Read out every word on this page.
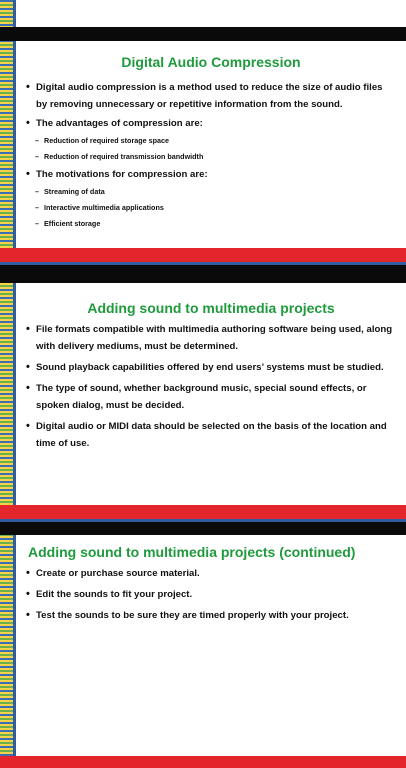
Digital Audio Compression
• Digital audio compression is a method used to reduce the size of audio files by removing unnecessary or repetitive information from the sound.
• The advantages of compression are:
– Reduction of required storage space
– Reduction of required transmission bandwidth
• The motivations for compression are:
– Streaming of data
– Interactive multimedia applications
– Efficient storage
Adding sound to multimedia projects
• File formats compatible with multimedia authoring software being used, along with delivery mediums, must be determined.
• Sound playback capabilities offered by end users’ systems must be studied.
• The type of sound, whether background music, special sound effects, or spoken dialog, must be decided.
• Digital audio or MIDI data should be selected on the basis of the location and time of use.
Adding sound to multimedia projects (continued)
• Create or purchase source material.
• Edit the sounds to fit your project.
• Test the sounds to be sure they are timed properly with your project.
